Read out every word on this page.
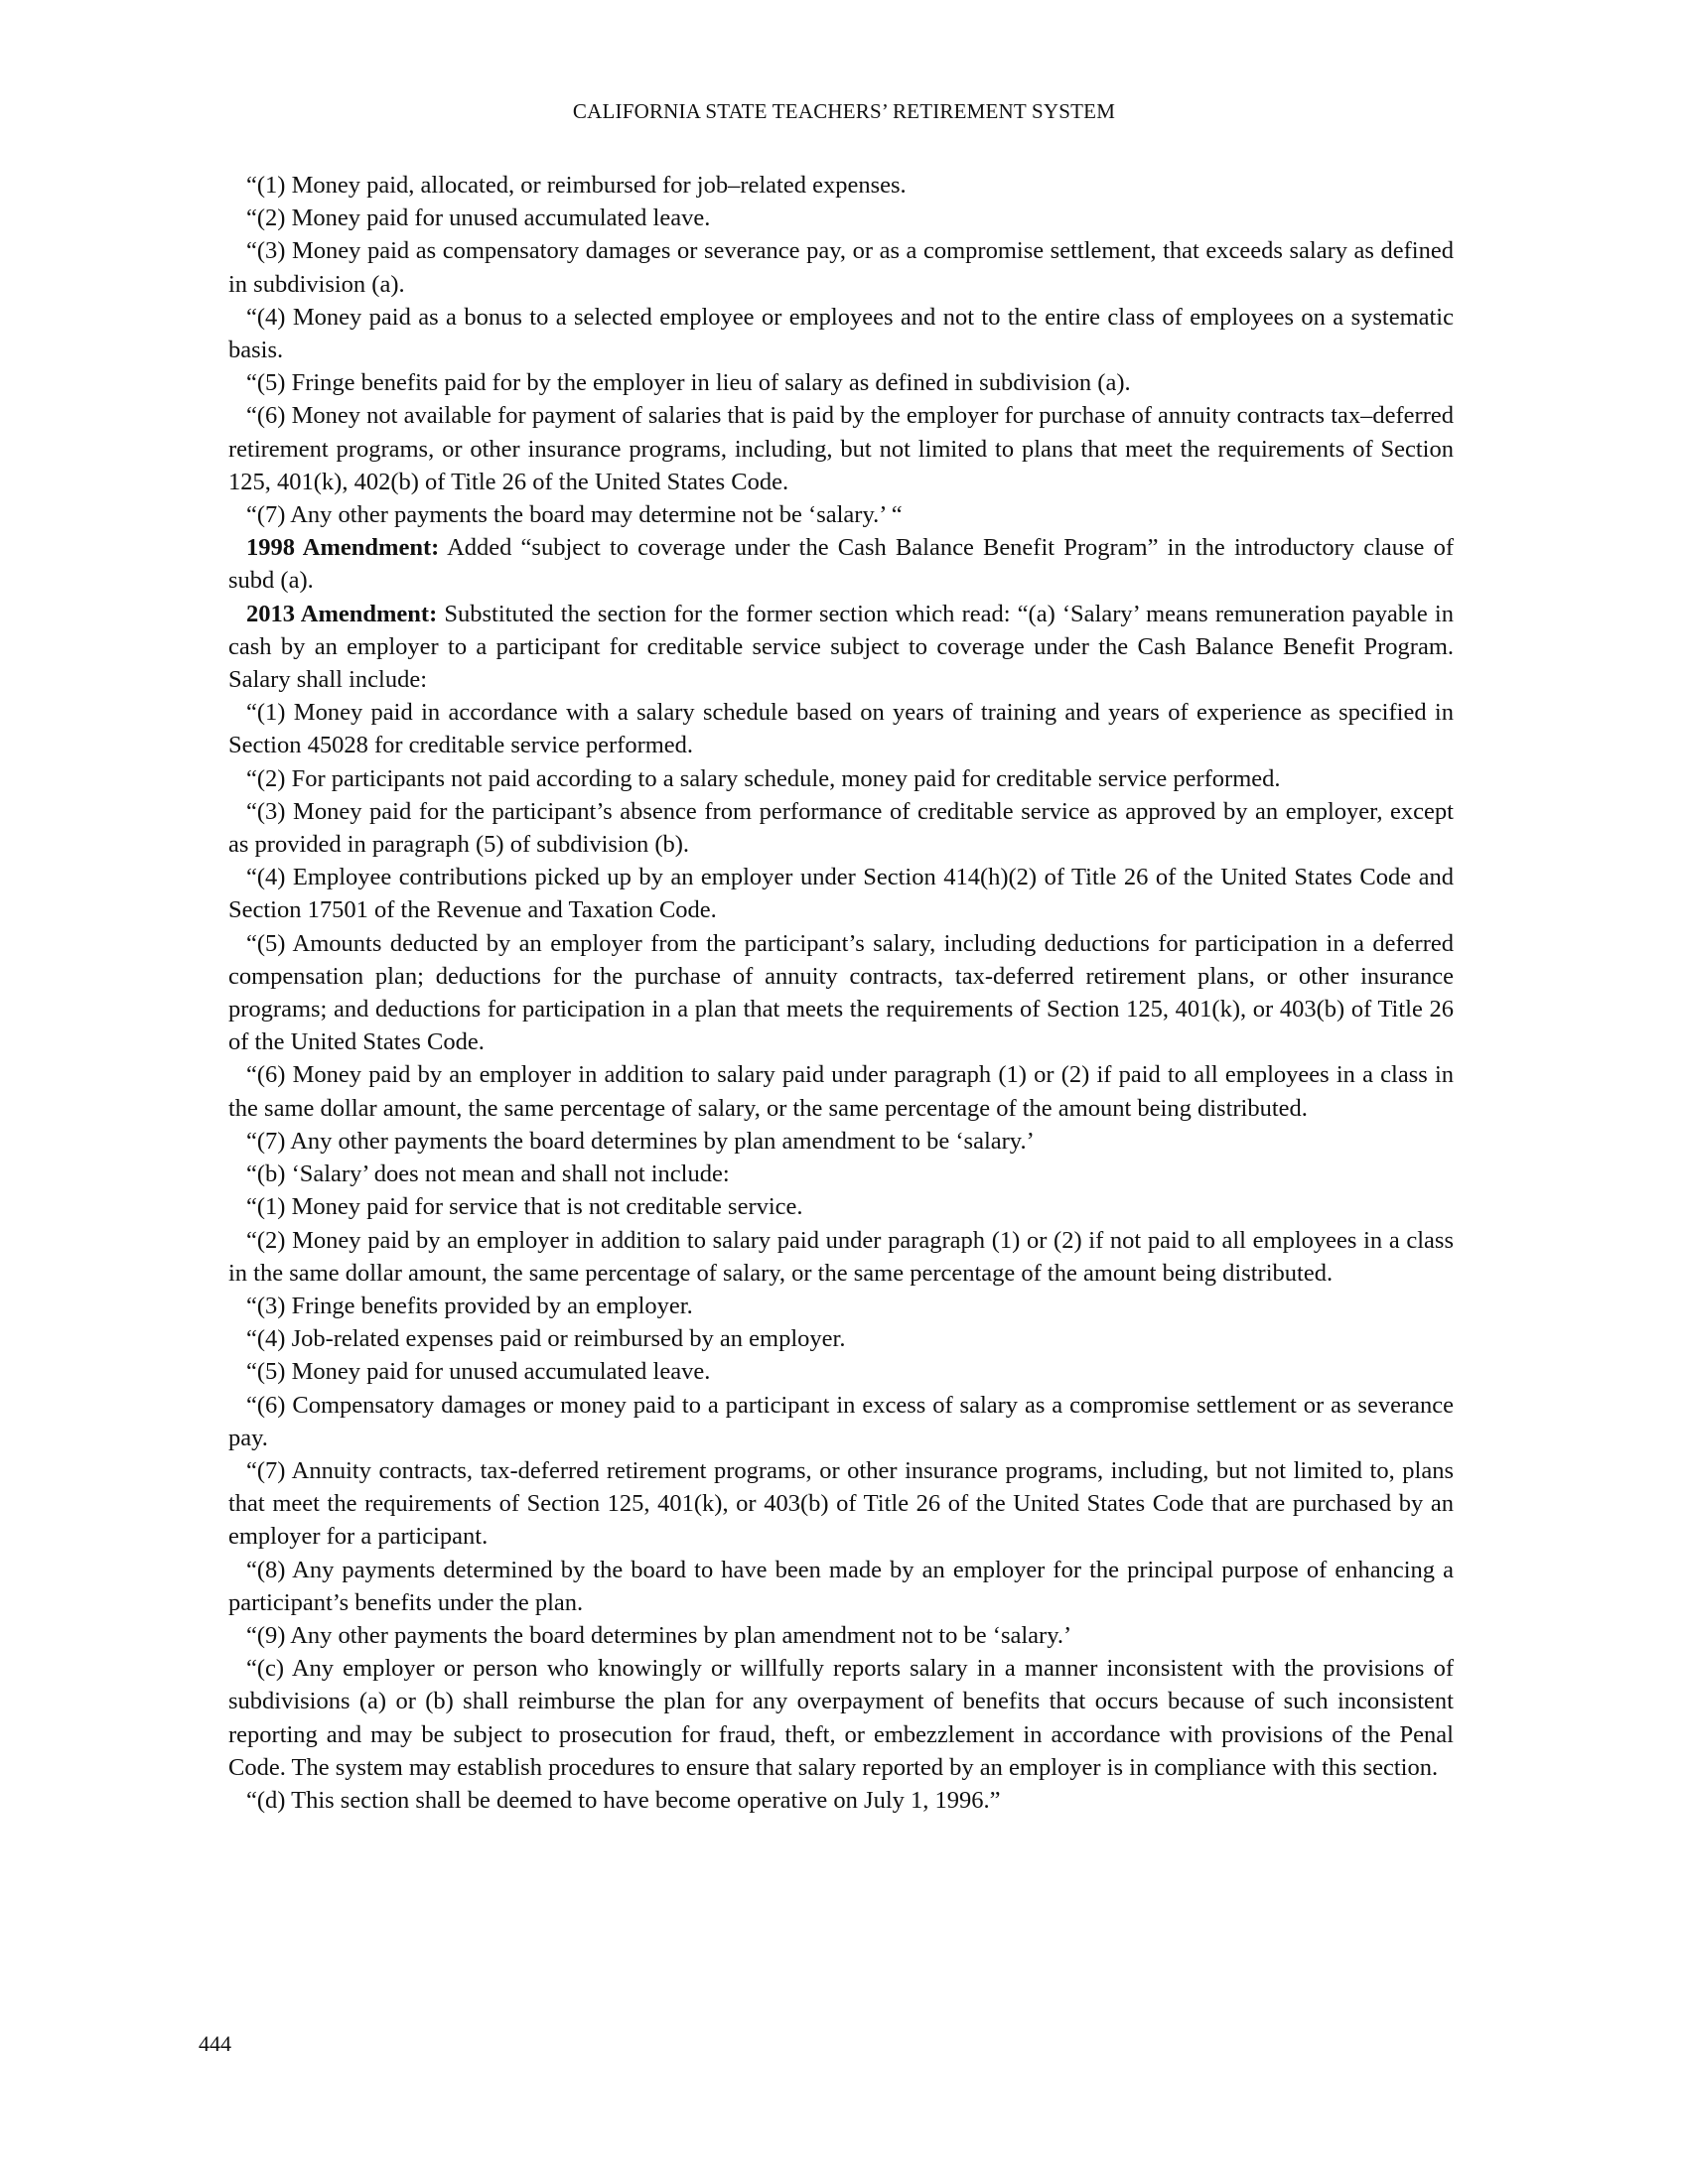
CALIFORNIA STATE TEACHERS’ RETIREMENT SYSTEM

“(1) Money paid, allocated, or reimbursed for job–related expenses.

“(2) Money paid for unused accumulated leave.

“(3) Money paid as compensatory damages or severance pay, or as a compromise settlement, that exceeds salary as defined in subdivision (a).

“(4) Money paid as a bonus to a selected employee or employees and not to the entire class of employees on a systematic basis.

“(5) Fringe benefits paid for by the employer in lieu of salary as defined in subdivision (a).

“(6) Money not available for payment of salaries that is paid by the employer for purchase of annuity contracts tax–deferred retirement programs, or other insurance programs, including, but not limited to plans that meet the requirements of Section 125, 401(k), 402(b) of Title 26 of the United States Code.

“(7) Any other payments the board may determine not be ‘salary.’ “

1998 Amendment: Added “subject to coverage under the Cash Balance Benefit Program” in the introductory clause of subd (a).

2013 Amendment: Substituted the section for the former section which read: “(a) ‘Salary’ means remuneration payable in cash by an employer to a participant for creditable service subject to coverage under the Cash Balance Benefit Program. Salary shall include:

“(1) Money paid in accordance with a salary schedule based on years of training and years of experience as specified in Section 45028 for creditable service performed.

“(2) For participants not paid according to a salary schedule, money paid for creditable service performed.

“(3) Money paid for the participant’s absence from performance of creditable service as approved by an employer, except as provided in paragraph (5) of subdivision (b).

“(4) Employee contributions picked up by an employer under Section 414(h)(2) of Title 26 of the United States Code and Section 17501 of the Revenue and Taxation Code.

“(5) Amounts deducted by an employer from the participant’s salary, including deductions for participation in a deferred compensation plan; deductions for the purchase of annuity contracts, tax-deferred retirement plans, or other insurance programs; and deductions for participation in a plan that meets the requirements of Section 125, 401(k), or 403(b) of Title 26 of the United States Code.

“(6) Money paid by an employer in addition to salary paid under paragraph (1) or (2) if paid to all employees in a class in the same dollar amount, the same percentage of salary, or the same percentage of the amount being distributed.

“(7) Any other payments the board determines by plan amendment to be ‘salary.’

“(b) ‘Salary’ does not mean and shall not include:

“(1) Money paid for service that is not creditable service.

“(2) Money paid by an employer in addition to salary paid under paragraph (1) or (2) if not paid to all employees in a class in the same dollar amount, the same percentage of salary, or the same percentage of the amount being distributed.

“(3) Fringe benefits provided by an employer.

“(4) Job-related expenses paid or reimbursed by an employer.

“(5) Money paid for unused accumulated leave.

“(6) Compensatory damages or money paid to a participant in excess of salary as a compromise settlement or as severance pay.

“(7) Annuity contracts, tax-deferred retirement programs, or other insurance programs, including, but not limited to, plans that meet the requirements of Section 125, 401(k), or 403(b) of Title 26 of the United States Code that are purchased by an employer for a participant.

“(8) Any payments determined by the board to have been made by an employer for the principal purpose of enhancing a participant’s benefits under the plan.

“(9) Any other payments the board determines by plan amendment not to be ‘salary.’

“(c) Any employer or person who knowingly or willfully reports salary in a manner inconsistent with the provisions of subdivisions (a) or (b) shall reimburse the plan for any overpayment of benefits that occurs because of such inconsistent reporting and may be subject to prosecution for fraud, theft, or embezzlement in accordance with provisions of the Penal Code. The system may establish procedures to ensure that salary reported by an employer is in compliance with this section.

“(d) This section shall be deemed to have become operative on July 1, 1996.”

444
